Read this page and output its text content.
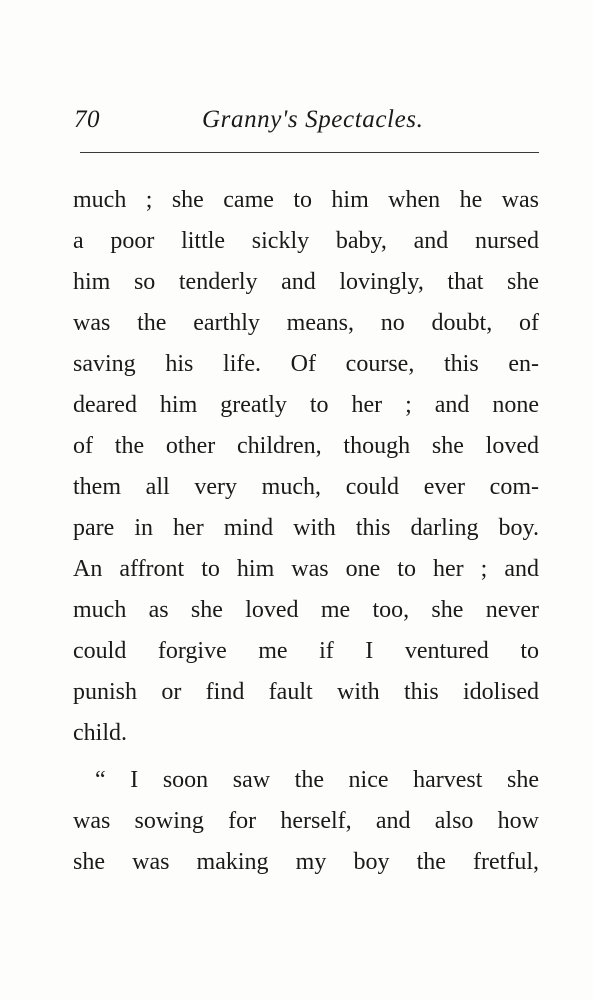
70	Granny's Spectacles.
much ; she came to him when he was
a poor little sickly baby, and nursed
him so tenderly and lovingly, that she
was the earthly means, no doubt, of
saving his life. Of course, this en-
deared him greatly to her ; and none
of the other children, though she loved
them all very much, could ever com-
pare in her mind with this darling boy.
An affront to him was one to her ; and
much as she loved me too, she never
could forgive me if I ventured to
punish or find fault with this idolised
child.
“ I soon saw the nice harvest she
was sowing for herself, and also how
she was making my boy the fretful,
